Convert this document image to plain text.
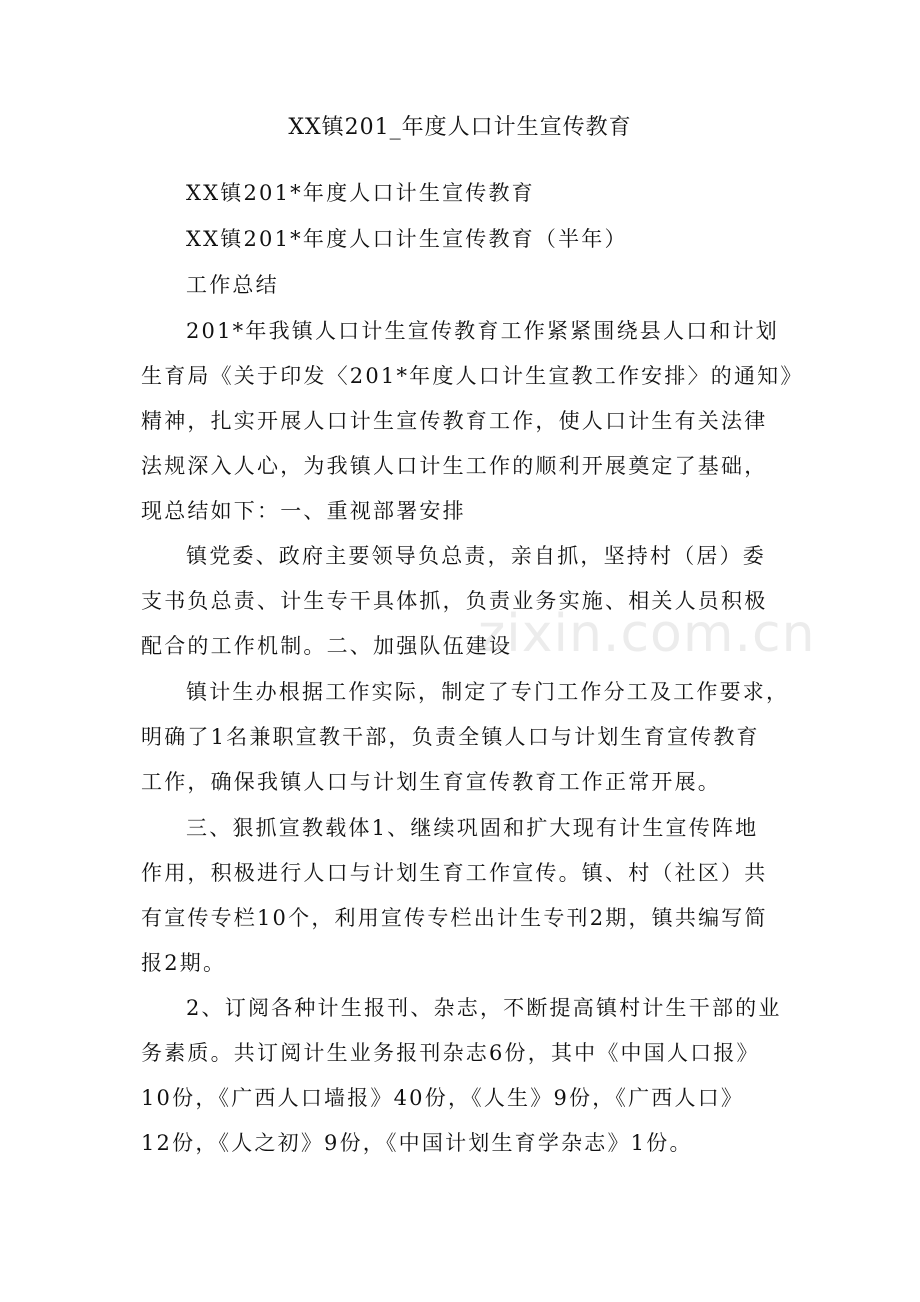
XX镇201_年度人口计生宣传教育
XX镇201*年度人口计生宣传教育
XX镇201*年度人口计生宣传教育（半年）
工作总结
201*年我镇人口计生宣传教育工作紧紧围绕县人口和计划
生育局《关于印发〈201*年度人口计生宣教工作安排〉的通知》
精神，扎实开展人口计生宣传教育工作，使人口计生有关法律
法规深入人心，为我镇人口计生工作的顺利开展奠定了基础，
现总结如下：一、重视部署安排
镇党委、政府主要领导负总责，亲自抓，坚持村（居）委
支书负总责、计生专干具体抓，负责业务实施、相关人员积极
配合的工作机制。二、加强队伍建设
镇计生办根据工作实际，制定了专门工作分工及工作要求，
明确了1名兼职宣教干部，负责全镇人口与计划生育宣传教育
工作，确保我镇人口与计划生育宣传教育工作正常开展。
三、狠抓宣教载体1、继续巩固和扩大现有计生宣传阵地
作用，积极进行人口与计划生育工作宣传。镇、村（社区）共
有宣传专栏10个，利用宣传专栏出计生专刊2期，镇共编写简
报2期。
2、订阅各种计生报刊、杂志，不断提高镇村计生干部的业
务素质。共订阅计生业务报刊杂志6份，其中《中国人口报》
10份，《广西人口墙报》40份，《人生》9份，《广西人口》
12份，《人之初》9份，《中国计划生育学杂志》1份。
zixin.com.cn
